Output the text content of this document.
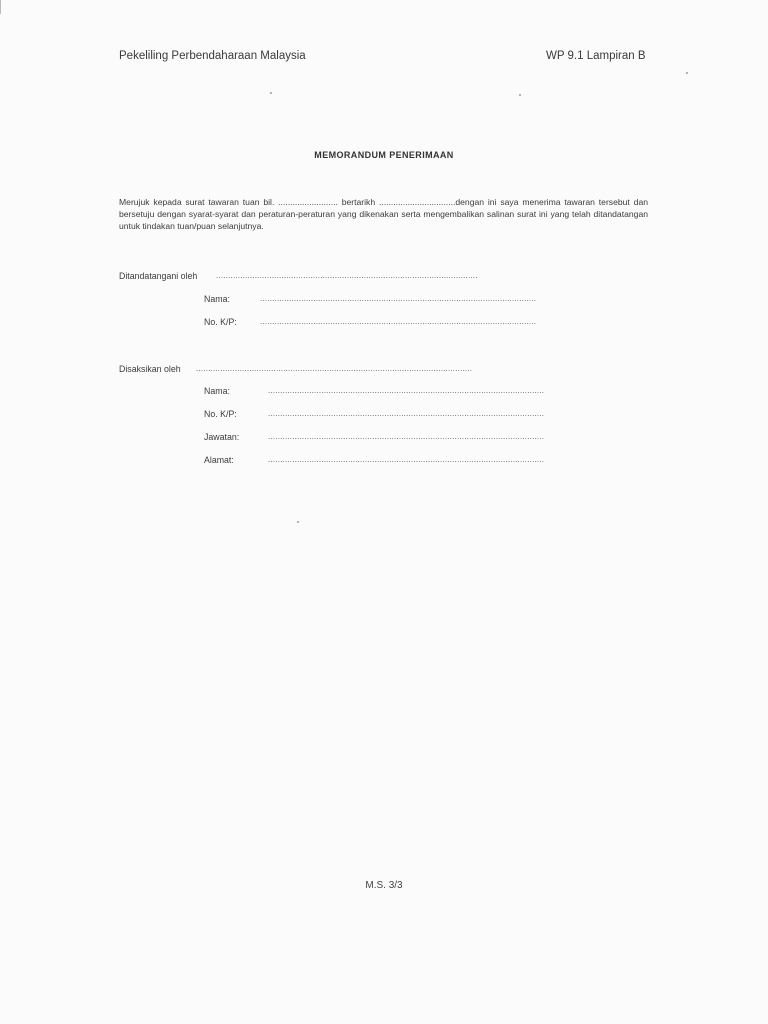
Pekeliling Perbendaharaan Malaysia	WP 9.1 Lampiran B
MEMORANDUM PENERIMAAN
Merujuk kepada surat tawaran tuan bil. ......................... bertarikh ................................dengan ini saya menerima tawaran tersebut dan bersetuju dengan syarat-syarat dan peraturan-peraturan yang dikenakan serta mengembalikan salinan surat ini yang telah ditandatangan untuk tindakan tuan/puan selanjutnya.
Ditandatangani oleh ............................................................................................................
Nama:	..................................................................................................................
No. K/P:	..................................................................................................................
Disaksikan oleh ..................................................................................................................
Nama:	..................................................................................................................
No. K/P:	..................................................................................................................
Jawatan:	..................................................................................................................
Alamat:	..................................................................................................................
M.S. 3/3
